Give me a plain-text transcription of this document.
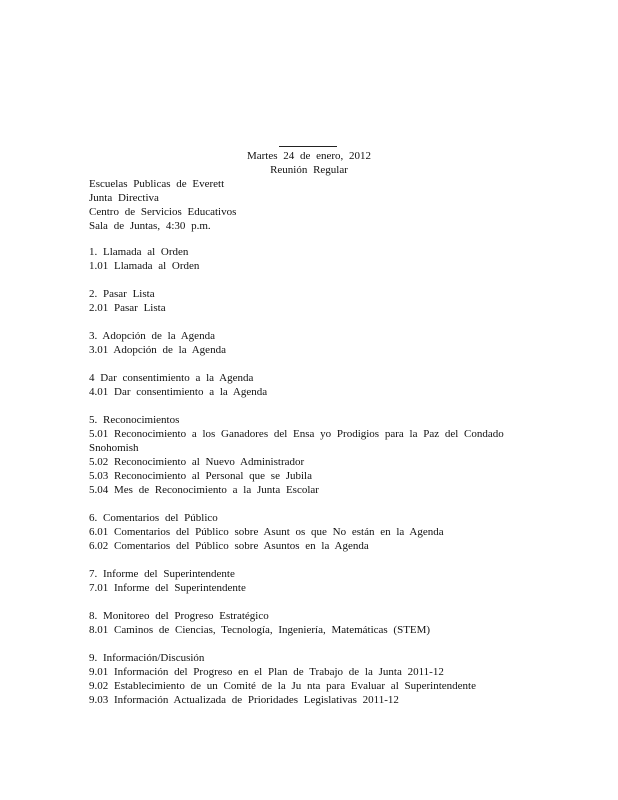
Martes 24 de enero, 2012
Reunión Regular
Escuelas Publicas de Everett
Junta Directiva
Centro de Servicios Educativos
Sala de Juntas, 4:30 p.m.
1. Llamada al Orden
1.01 Llamada al Orden
2. Pasar Lista
2.01 Pasar Lista
3. Adopción de la Agenda
3.01 Adopción de la Agenda
4 Dar consentimiento a la Agenda
4.01 Dar consentimiento a la Agenda
5. Reconocimientos
5.01 Reconocimiento a los Ganadores del Ensa yo Prodigios para la Paz del Condado Snohomish
5.02 Reconocimiento al Nuevo Administrador
5.03 Reconocimiento al Personal que se Jubila
5.04 Mes de Reconocimiento a la Junta Escolar
6. Comentarios del Público
6.01 Comentarios del Público sobre Asunt os que No están en la Agenda
6.02 Comentarios del Público sobre Asuntos en la Agenda
7. Informe del Superintendente
7.01 Informe del Superintendente
8. Monitoreo del Progreso Estratégico
8.01 Caminos de Ciencias, Tecnología, Ingeniería, Matemáticas (STEM)
9. Información/Discusión
9.01 Información del Progreso en el Plan de Trabajo de la Junta 2011-12
9.02 Establecimiento de un Comité de la Ju nta para Evaluar al Superintendente
9.03 Información Actualizada de Prioridades Legislativas 2011-12
